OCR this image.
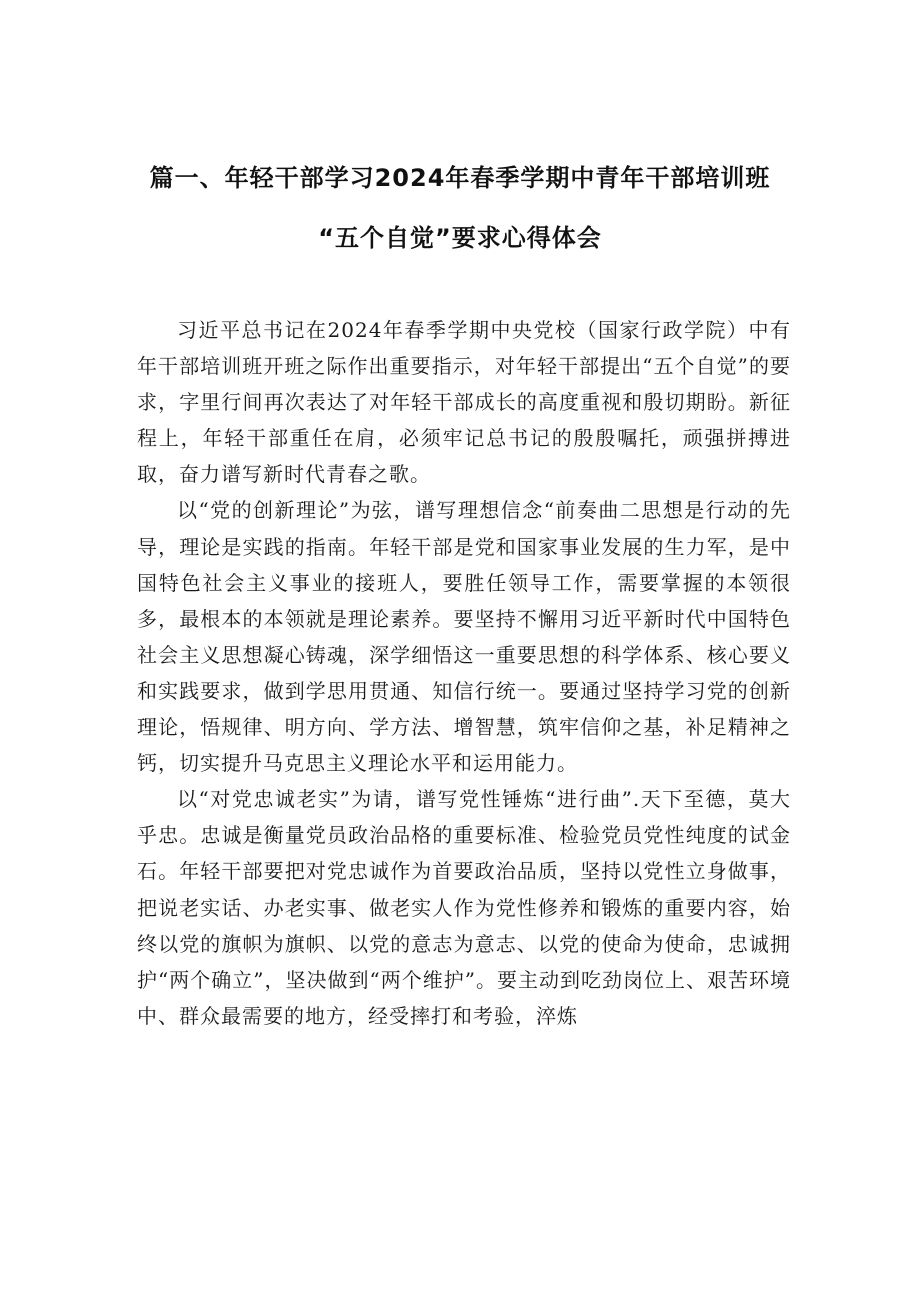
篇一、年轻干部学习2024年春季学期中青年干部培训班
“五个自觉”要求心得体会

习近平总书记在2024年春季学期中央党校（国家行政学院）中有年干部培训班开班之际作出重要指示，对年轻干部提出“五个自觉”的要求，字里行间再次表达了对年轻干部成长的高度重视和殷切期盼。新征程上，年轻干部重任在肩，必须牢记总书记的殷殷嘱托，顽强拼搏进取，奋力谱写新时代青春之歌。

以“党的创新理论”为弦，谱写理想信念“前奏曲二思想是行动的先导，理论是实践的指南。年轻干部是党和国家事业发展的生力军，是中国特色社会主义事业的接班人，要胜任领导工作，需要掌握的本领很多，最根本的本领就是理论素养。要坚持不懈用习近平新时代中国特色社会主义思想凝心铸魂，深学细悟这一重要思想的科学体系、核心要义和实践要求，做到学思用贯通、知信行统一。要通过坚持学习党的创新理论，悟规律、明方向、学方法、增智慧，筑牢信仰之基，补足精神之钙，切实提升马克思主义理论水平和运用能力。

以“对党忠诚老实”为请，谱写党性锤炼“进行曲”.天下至德，莫大乎忠。忠诚是衡量党员政治品格的重要标准、检验党员党性纯度的试金石。年轻干部要把对党忠诚作为首要政治品质，坚持以党性立身做事，把说老实话、办老实事、做老实人作为党性修养和锻炼的重要内容，始终以党的旗帜为旗帜、以党的意志为意志、以党的使命为使命，忠诚拥护“两个确立”，坚决做到“两个维护”。要主动到吃劲岗位上、艰苦环境中、群众最需要的地方，经受摔打和考验，淬炼
